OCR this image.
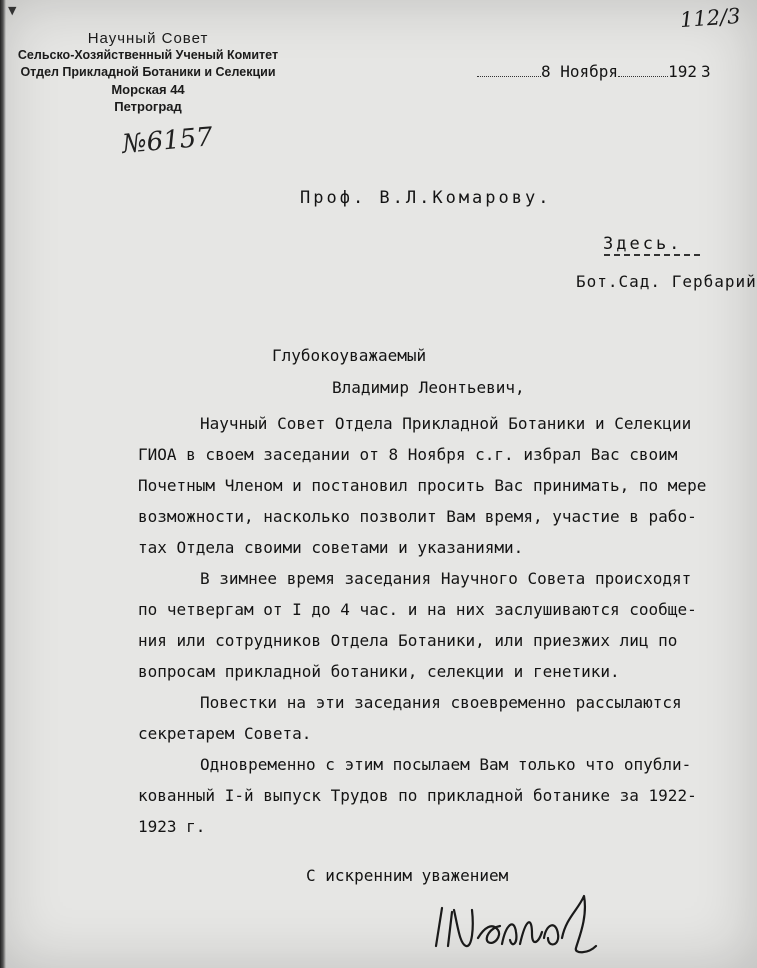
▼	112/3
Научный Совет
Сельско-Хозяйственный Ученый Комитет
Отдел Прикладной Ботаники и Селекции
Морская 44
Петроград
№6157
8 Ноября	192 3
Проф. В.Л.Комарову.
Здесь.
Бот.Сад. Гербарий
Глубокоуважаемый
Владимир Леонтьевич,
Научный Совет Отдела Прикладной Ботаники и Селекции
ГИОА в своем заседании от 8 Ноября с.г. избрал Вас своим
Почетным Членом и постановил просить Вас принимать, по мере
возможности, насколько позволит Вам время, участие в рабо-
тах Отдела своими советами и указаниями.
В зимнее время заседания Научного Совета происходят
по четвергам от I до 4 час. и на них заслушиваются сообще-
ния или сотрудников Отдела Ботаники, или приезжих лиц по
вопросам прикладной ботаники, селекции и генетики.
Повестки на эти заседания своевременно рассылаются
секретарем Совета.
Одновременно с этим посылаем Вам только что опубли-
кованный I-й выпуск Трудов по прикладной ботанике за 1922-
1923 г.
С искренним уважением
